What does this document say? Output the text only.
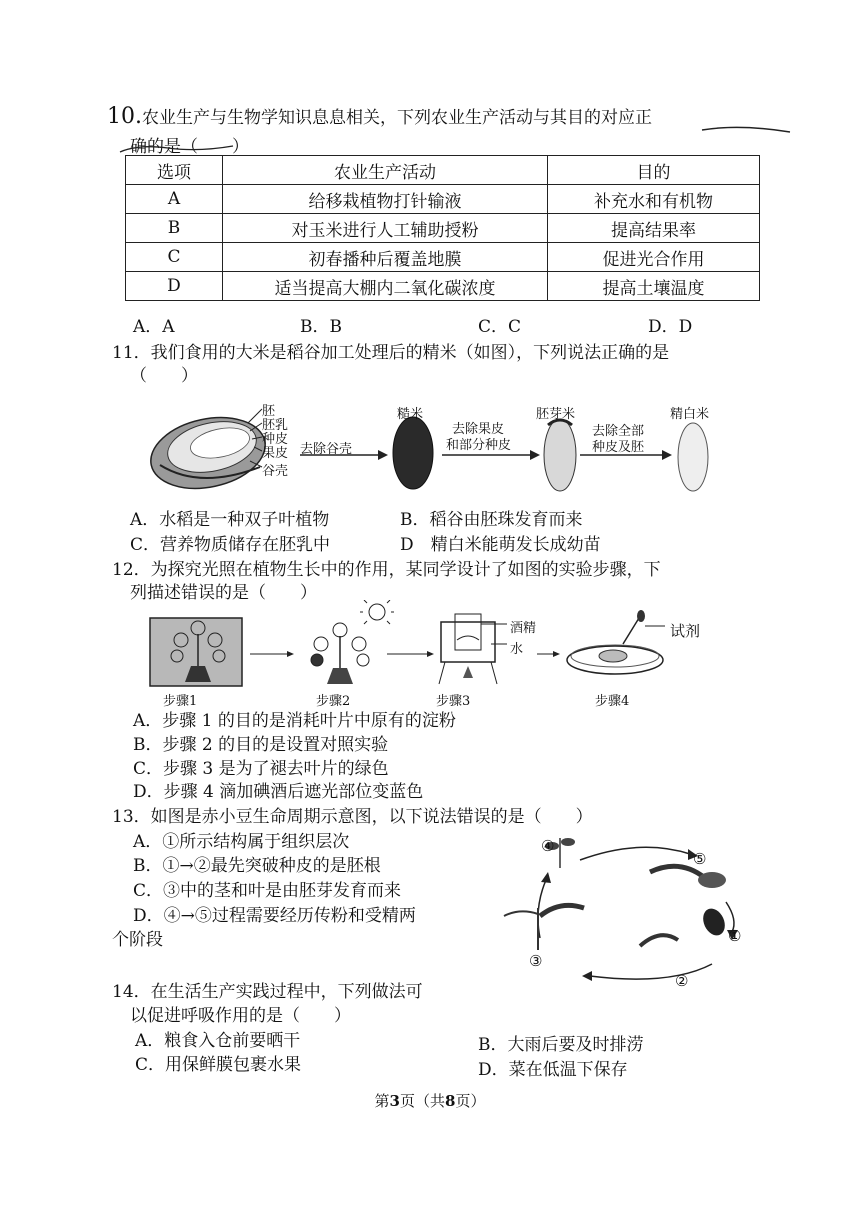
10.农业生产与生物学知识息息相关，下列农业生产活动与其目的对应正
确的是（　　）
选项	农业生产活动	目的
A	给移栽植物打针输液	补充水和有机物
B	对玉米进行人工辅助授粉	提高结果率
C	初春播种后覆盖地膜	促进光合作用
D	适当提高大棚内二氧化碳浓度	提高土壤温度
A．A	B．B	C．C	D．D
11．我们食用的大米是稻谷加工处理后的精米（如图），下列说法正确的是
（　　）
胚
胚乳
种皮
果皮
谷壳
去除谷壳
糙米
去除果皮
和部分种皮
胚芽米
去除全部
种皮及胚
精白米
A．水稻是一种双子叶植物	B．稻谷由胚珠发育而来
C．营养物质储存在胚乳中	D　精白米能萌发长成幼苗
12．为探究光照在植物生长中的作用，某同学设计了如图的实验步骤，下
列描述错误的是（　　）
酒精
水
试剂
步骤1	步骤2	步骤3	步骤4
A．步骤 1 的目的是消耗叶片中原有的淀粉
B．步骤 2 的目的是设置对照实验
C．步骤 3 是为了褪去叶片的绿色
D．步骤 4 滴加碘酒后遮光部位变蓝色
13．如图是赤小豆生命周期示意图，以下说法错误的是（　　）
A．①所示结构属于组织层次
B．①→②最先突破种皮的是胚根
C．③中的茎和叶是由胚芽发育而来
D．④→⑤过程需要经历传粉和受精两
个阶段
④
⑤
①
②
③
14．在生活生产实践过程中，下列做法可
以促进呼吸作用的是（　　）
A．粮食入仓前要晒干	B．大雨后要及时排涝
C．用保鲜膜包裹水果	D．菜在低温下保存
第3页（共8页）
